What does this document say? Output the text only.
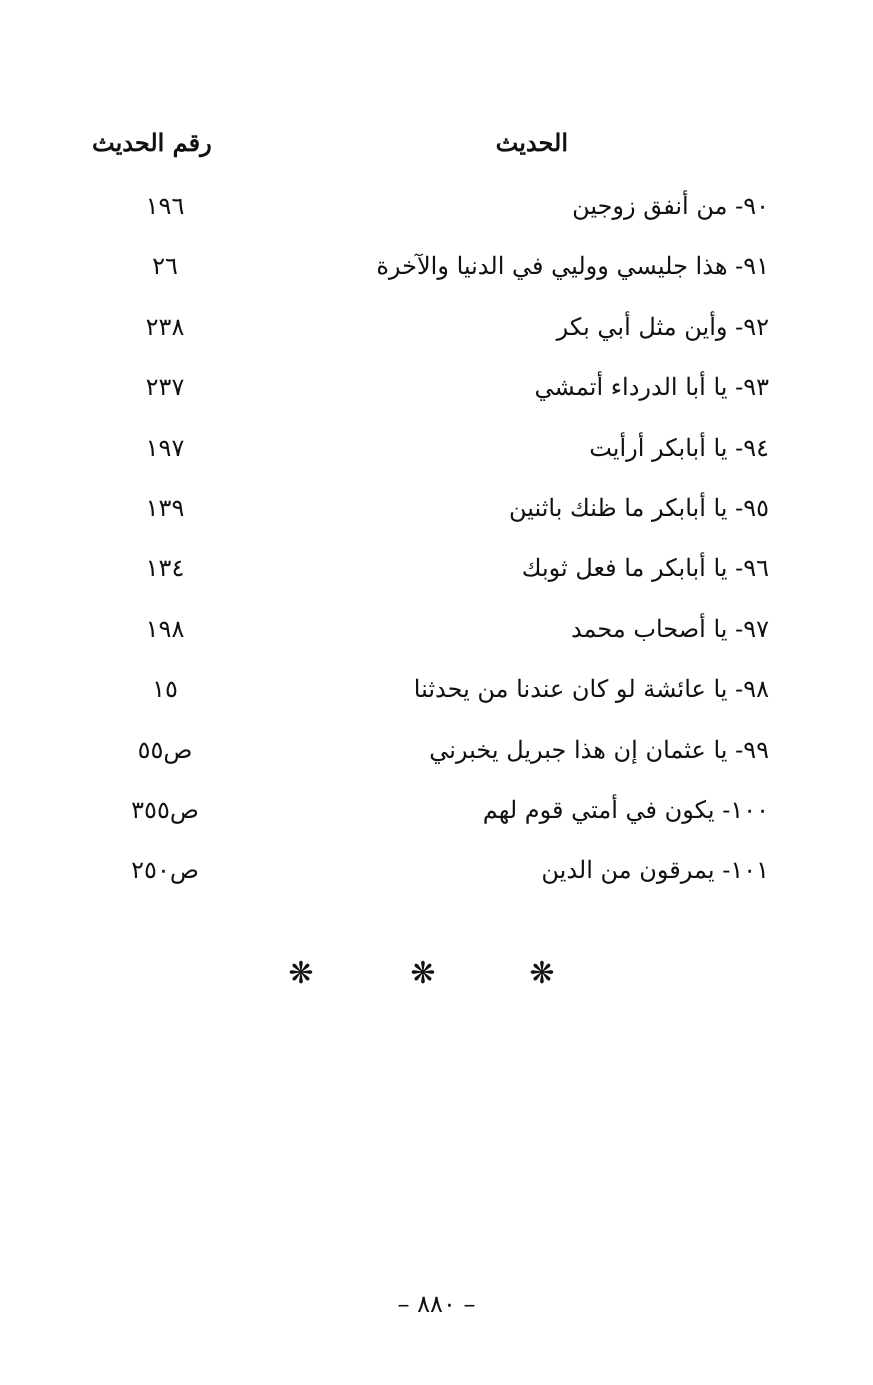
الحديث
رقم الحديث
٩٠- من أنفق زوجين
١٩٦
٩١- هذا جليسي ووليي في الدنيا والآخرة
٢٦
٩٢- وأين مثل أبي بكر
٢٣٨
٩٣- يا أبا الدرداء أتمشي
٢٣٧
٩٤- يا أبابكر أرأيت
١٩٧
٩٥- يا أبابكر ما ظنك باثنين
١٣٩
٩٦- يا أبابكر ما فعل ثوبك
١٣٤
٩٧- يا أصحاب محمد
١٩٨
٩٨- يا عائشة لو كان عندنا من يحدثنا
١٥
٩٩- يا عثمان إن هذا جبريل يخبرني
ص٥٥
١٠٠- يكون في أمتي قوم لهم
ص٣٥٥
١٠١- يمرقون من الدين
ص٢٥٠
❋	❋	❋
– ٨٨٠ –
